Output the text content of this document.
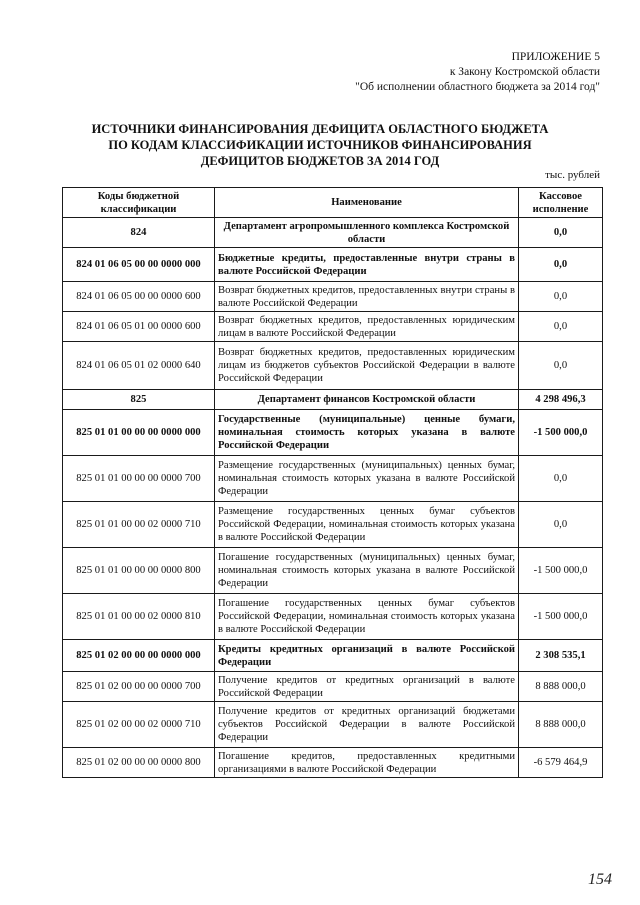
ПРИЛОЖЕНИЕ 5
к Закону Костромской области
"Об исполнении областного бюджета за 2014 год"
ИСТОЧНИКИ ФИНАНСИРОВАНИЯ ДЕФИЦИТА ОБЛАСТНОГО БЮДЖЕТА
ПО КОДАМ КЛАССИФИКАЦИИ ИСТОЧНИКОВ ФИНАНСИРОВАНИЯ
ДЕФИЦИТОВ БЮДЖЕТОВ ЗА 2014 ГОД
тыс. рублей
Коды бюджетной классификации	Наименование	Кассовое исполнение
824	Департамент агропромышленного комплекса Костромской области	0,0
824 01 06 05 00 00 0000 000	Бюджетные кредиты, предоставленные внутри страны в валюте Российской Федерации	0,0
824 01 06 05 00 00 0000 600	Возврат бюджетных кредитов, предоставленных внутри страны в валюте Российской Федерации	0,0
824 01 06 05 01 00 0000 600	Возврат бюджетных кредитов, предоставленных юридическим лицам в валюте Российской Федерации	0,0
824 01 06 05 01 02 0000 640	Возврат бюджетных кредитов, предоставленных юридическим лицам из бюджетов субъектов Российской Федерации в валюте Российской Федерации	0,0
825	Департамент финансов Костромской области	4 298 496,3
825 01 01 00 00 00 0000 000	Государственные (муниципальные) ценные бумаги, номинальная стоимость которых указана в валюте Российской Федерации	-1 500 000,0
825 01 01 00 00 00 0000 700	Размещение государственных (муниципальных) ценных бумаг, номинальная стоимость которых указана в валюте Российской Федерации	0,0
825 01 01 00 00 02 0000 710	Размещение государственных ценных бумаг субъектов Российской Федерации, номинальная стоимость которых указана в валюте Российской Федерации	0,0
825 01 01 00 00 00 0000 800	Погашение государственных (муниципальных) ценных бумаг, номинальная стоимость которых указана в валюте Российской Федерации	-1 500 000,0
825 01 01 00 00 02 0000 810	Погашение государственных ценных бумаг субъектов Российской Федерации, номинальная стоимость которых указана в валюте Российской Федерации	-1 500 000,0
825 01 02 00 00 00 0000 000	Кредиты кредитных организаций в валюте Российской Федерации	2 308 535,1
825 01 02 00 00 00 0000 700	Получение кредитов от кредитных организаций в валюте Российской Федерации	8 888 000,0
825 01 02 00 00 02 0000 710	Получение кредитов от кредитных организаций бюджетами субъектов Российской Федерации в валюте Российской Федерации	8 888 000,0
825 01 02 00 00 00 0000 800	Погашение кредитов, предоставленных кредитными организациями в валюте Российской Федерации	-6 579 464,9
154
